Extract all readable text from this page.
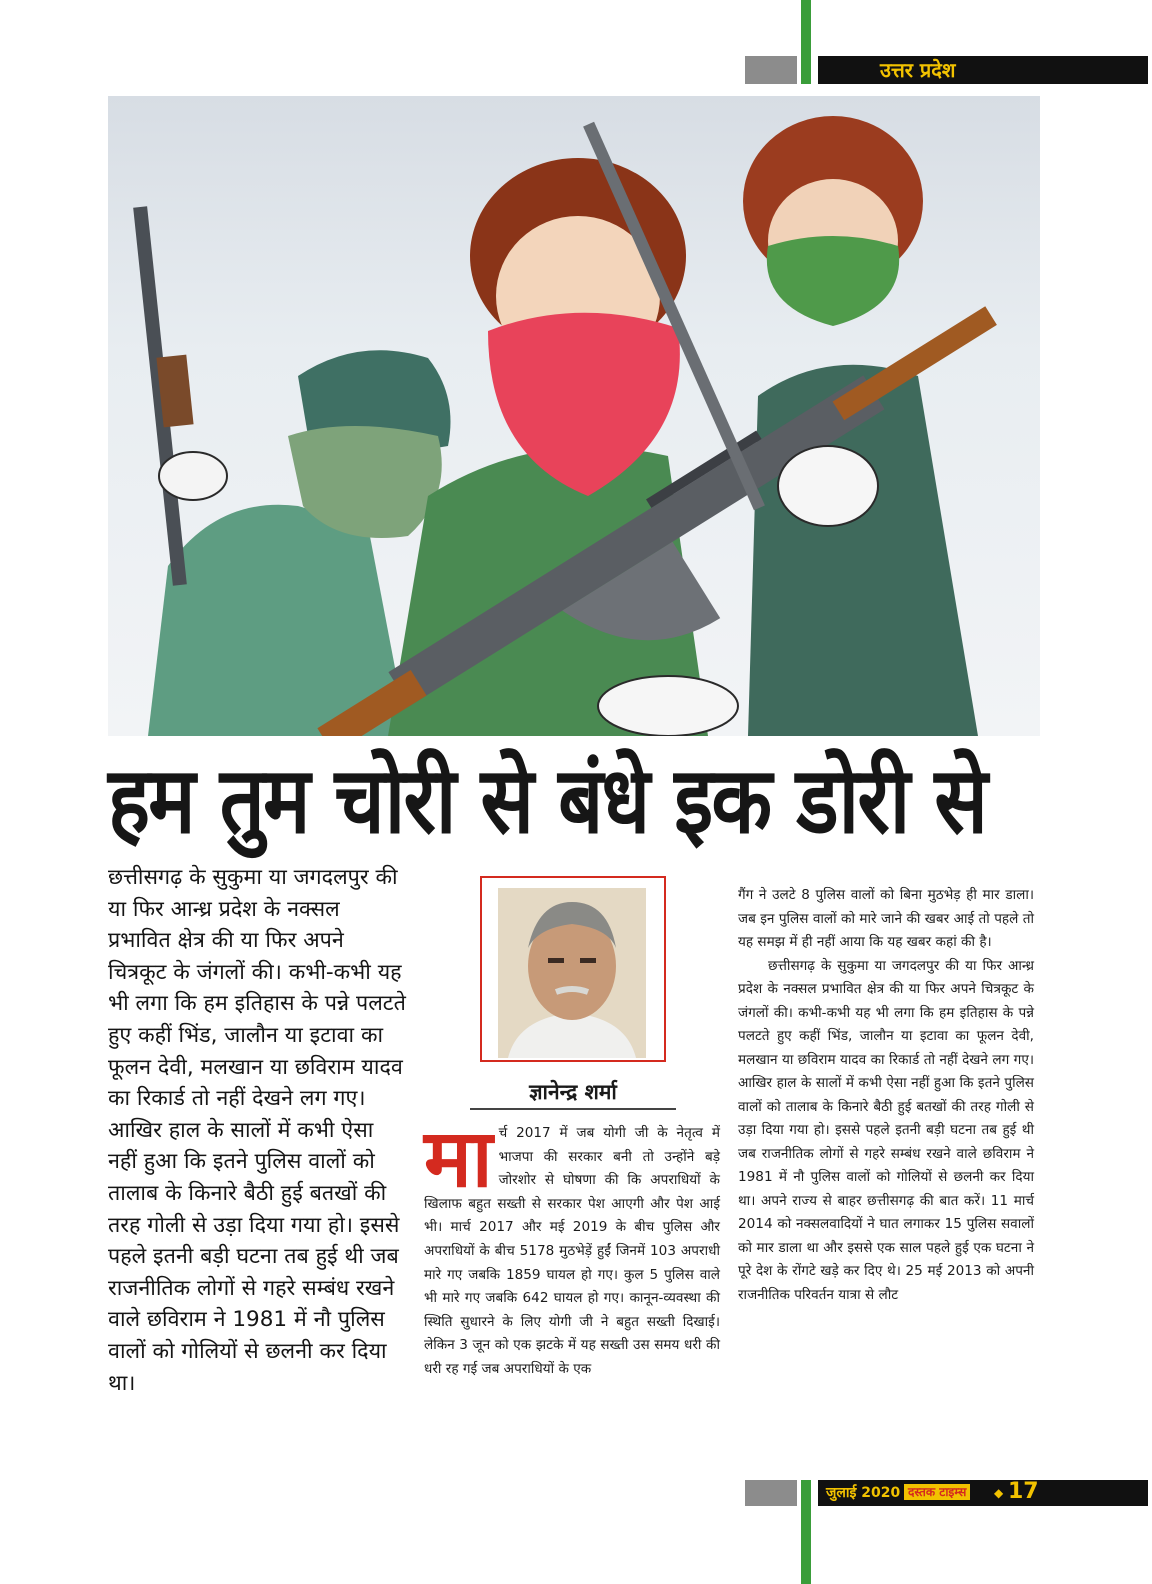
उत्तर प्रदेश
हम तुम चोरी से बंधे इक डोरी से
छत्तीसगढ़ के सुकुमा या जगदलपुर की या फिर आन्ध्र प्रदेश के नक्सल प्रभावित क्षेत्र की या फिर अपने चित्रकूट के जंगलों की। कभी-कभी यह भी लगा कि हम इतिहास के पन्ने पलटते हुए कहीं भिंड, जालौन या इटावा का फूलन देवी, मलखान या छविराम यादव का रिकार्ड तो नहीं देखने लग गए। आखिर हाल के सालों में कभी ऐसा नहीं हुआ कि इतने पुलिस वालों को तालाब के किनारे बैठी हुई बतखों की तरह गोली से उड़ा दिया गया हो। इससे पहले इतनी बड़ी घटना तब हुई थी जब राजनीतिक लोगों से गहरे सम्बंध रखने वाले छविराम ने 1981 में नौ पुलिस वालों को गोलियों से छलनी कर दिया था।
ज्ञानेन्द्र शर्मा
मा र्च 2017 में जब योगी जी के नेतृत्व में भाजपा की सरकार बनी तो उन्होंने बड़े जोरशोर से घोषणा की कि अपराधियों के खिलाफ बहुत सख्ती से सरकार पेश आएगी और पेश आई भी। मार्च 2017 और मई 2019 के बीच पुलिस और अपराधियों के बीच 5178 मुठभेड़ें हुईं जिनमें 103 अपराधी मारे गए जबकि 1859 घायल हो गए। कुल 5 पुलिस वाले भी मारे गए जबकि 642 घायल हो गए। कानून-व्यवस्था की स्थिति सुधारने के लिए योगी जी ने बहुत सख्ती दिखाई। लेकिन 3 जून को एक झटके में यह सख्ती उस समय धरी की धरी रह गई जब अपराधियों के एक
गैंग ने उलटे 8 पुलिस वालों को बिना मुठभेड़ ही मार डाला। जब इन पुलिस वालों को मारे जाने की खबर आई तो पहले तो यह समझ में ही नहीं आया कि यह खबर कहां की है।
छत्तीसगढ़ के सुकुमा या जगदलपुर की या फिर आन्ध्र प्रदेश के नक्सल प्रभावित क्षेत्र की या फिर अपने चित्रकूट के जंगलों की। कभी-कभी यह भी लगा कि हम इतिहास के पन्ने पलटते हुए कहीं भिंड, जालौन या इटावा का फूलन देवी, मलखान या छविराम यादव का रिकार्ड तो नहीं देखने लग गए। आखिर हाल के सालों में कभी ऐसा नहीं हुआ कि इतने पुलिस वालों को तालाब के किनारे बैठी हुई बतखों की तरह गोली से उड़ा दिया गया हो। इससे पहले इतनी बड़ी घटना तब हुई थी जब राजनीतिक लोगों से गहरे सम्बंध रखने वाले छविराम ने 1981 में नौ पुलिस वालों को गोलियों से छलनी कर दिया था। अपने राज्य से बाहर छत्तीसगढ़ की बात करें। 11 मार्च 2014 को नक्सलवादियों ने घात लगाकर 15 पुलिस सवालों को मार डाला था और इससे एक साल पहले हुई एक घटना ने पूरे देश के रोंगटे खड़े कर दिए थे। 25 मई 2013 को अपनी राजनीतिक परिवर्तन यात्रा से लौट
जुलाई 2020 दस्तक टाइम्स	◆ 17
